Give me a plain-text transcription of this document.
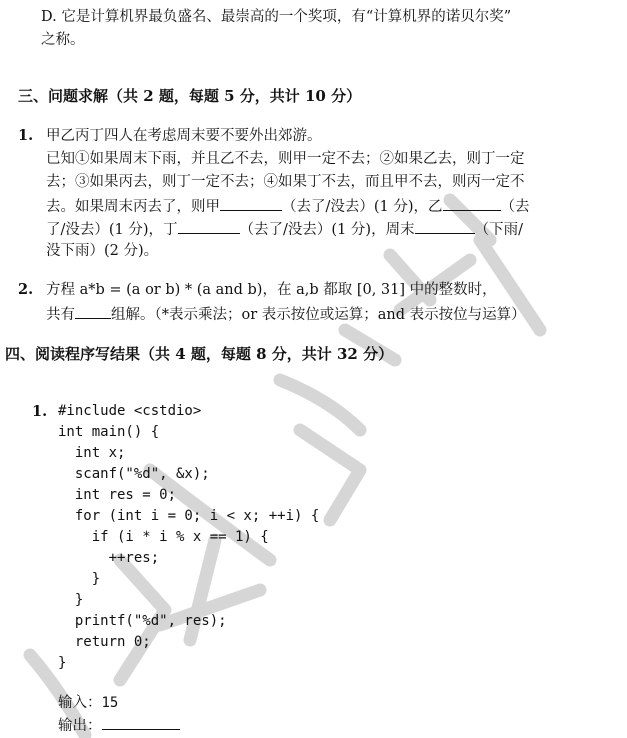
D. 它是计算机界最负盛名、最崇高的一个奖项，有“计算机界的诺贝尔奖”
之称。
三、问题求解（共 2 题，每题 5 分，共计 10 分）
1. 甲乙丙丁四人在考虑周末要不要外出郊游。
已知①如果周末下雨，并且乙不去，则甲一定不去；②如果乙去，则丁一定
去；③如果丙去，则丁一定不去；④如果丁不去，而且甲不去，则丙一定不
去。如果周末丙去了，则甲	（去了/没去）(1 分)，乙	（去
了/没去）(1 分)，丁	（去了/没去）(1 分)，周末	（下雨/
没下雨）(2 分)。
2. 方程 a*b = (a or b) * (a and b)，在 a,b 都取 [0, 31] 中的整数时，
共有 组解。（*表示乘法；or 表示按位或运算；and 表示按位与运算）
四、阅读程序写结果（共 4 题，每题 8 分，共计 32 分）
1. #include <cstdio>
int main() {
int x;
scanf("%d", &x);
int res = 0;
for (int i = 0; i < x; ++i) {
if (i * i % x == 1) {
++res;
}
}
printf("%d", res);
return 0;
}
输入：15
输出：
